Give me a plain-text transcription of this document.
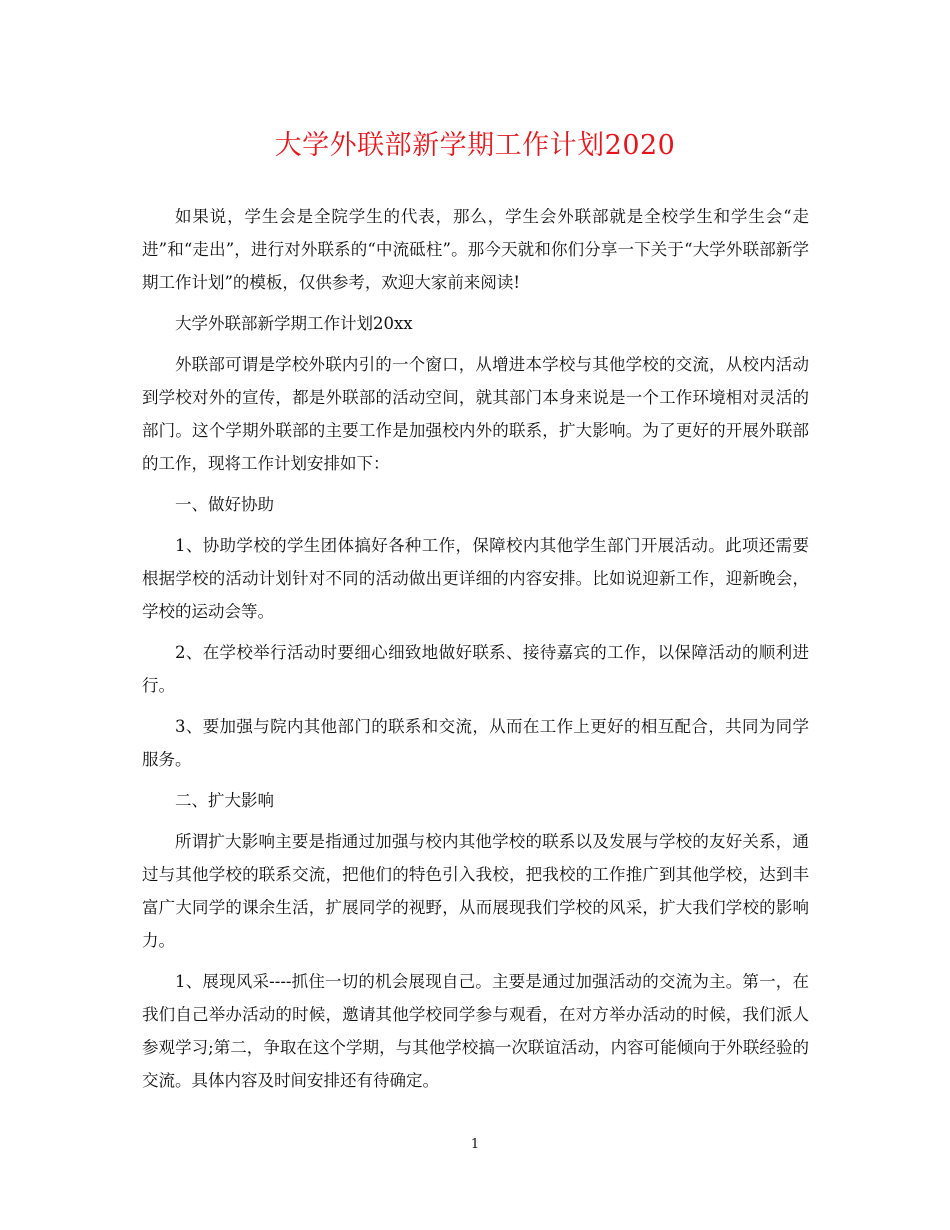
大学外联部新学期工作计划2020

如果说，学生会是全院学生的代表，那么，学生会外联部就是全校学生和学生会“走进”和“走出”，进行对外联系的“中流砥柱”。那今天就和你们分享一下关于“大学外联部新学期工作计划”的模板，仅供参考，欢迎大家前来阅读!

大学外联部新学期工作计划20xx

外联部可谓是学校外联内引的一个窗口，从增进本学校与其他学校的交流，从校内活动到学校对外的宣传，都是外联部的活动空间，就其部门本身来说是一个工作环境相对灵活的部门。这个学期外联部的主要工作是加强校内外的联系，扩大影响。为了更好的开展外联部的工作，现将工作计划安排如下：

一、做好协助

1、协助学校的学生团体搞好各种工作，保障校内其他学生部门开展活动。此项还需要根据学校的活动计划针对不同的活动做出更详细的内容安排。比如说迎新工作，迎新晚会，学校的运动会等。

2、在学校举行活动时要细心细致地做好联系、接待嘉宾的工作，以保障活动的顺利进行。

3、要加强与院内其他部门的联系和交流，从而在工作上更好的相互配合，共同为同学服务。

二、扩大影响

所谓扩大影响主要是指通过加强与校内其他学校的联系以及发展与学校的友好关系，通过与其他学校的联系交流，把他们的特色引入我校，把我校的工作推广到其他学校，达到丰富广大同学的课余生活，扩展同学的视野，从而展现我们学校的风采，扩大我们学校的影响力。

1、展现风采----抓住一切的机会展现自己。主要是通过加强活动的交流为主。第一，在我们自己举办活动的时候，邀请其他学校同学参与观看，在对方举办活动的时候，我们派人参观学习;第二，争取在这个学期，与其他学校搞一次联谊活动，内容可能倾向于外联经验的交流。具体内容及时间安排还有待确定。

1
